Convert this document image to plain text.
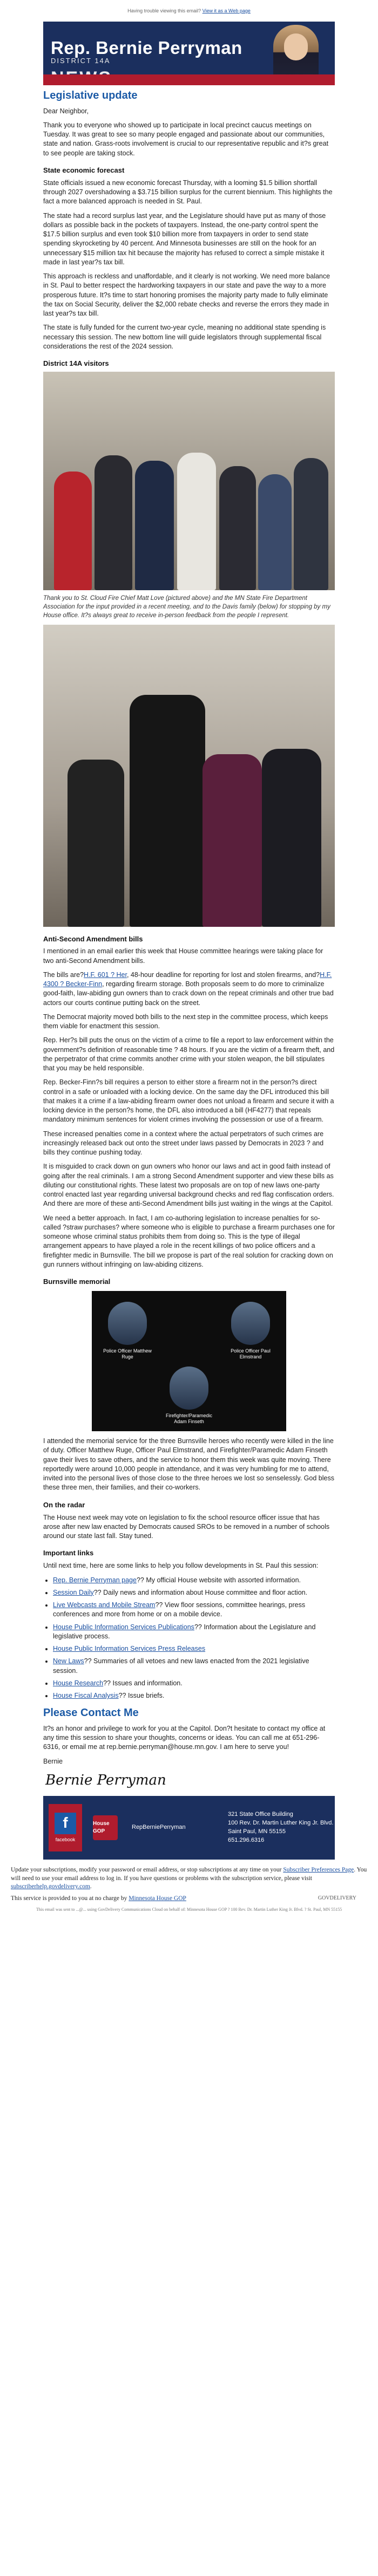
Having trouble viewing this email?
View it as a Web page
Rep. Bernie Perryman
DISTRICT 14A
Legislative update

Dear Neighbor,

Thank you to everyone who showed up to participate in local precinct caucus meetings on Tuesday. It was great to see so many people engaged and passionate about our communities, state and nation. Grass-roots involvement is crucial to our representative republic and it?s great to see people are taking stock.

State economic forecast

State officials issued a new economic forecast Thursday, with a looming $1.5 billion shortfall through 2027 overshadowing a $3.715 billion surplus for the current biennium. This highlights the fact a more balanced approach is needed in St. Paul.

The state had a record surplus last year, and the Legislature should have put as many of those dollars as possible back in the pockets of taxpayers. Instead, the one-party control spent the $17.5 billion surplus and even took $10 billion more from taxpayers in order to send state spending skyrocketing by 40 percent. And Minnesota businesses are still on the hook for an unnecessary $15 million tax hit because the majority has refused to correct a simple mistake it made in last year?s tax bill.

This approach is reckless and unaffordable, and it clearly is not working. We need more balance in St. Paul to better respect the hardworking taxpayers in our state and pave the way to a more prosperous future. It?s time to start honoring promises the majority party made to fully eliminate the tax on Social Security, deliver the $2,000 rebate checks and reverse the errors they made in last year?s tax bill.

The state is fully funded for the current two-year cycle, meaning no additional state spending is necessary this session. The new bottom line will guide legislators through supplemental fiscal considerations the rest of the 2024 session.

District 14A visitors

Thank you to St. Cloud Fire Chief Matt Love (pictured above) and the MN State Fire Department Association for the input provided in a recent meeting, and to the Davis family (below) for stopping by my House office. It?s always great to receive in-person feedback from the people I represent.

Anti-Second Amendment bills

I mentioned in an email earlier this week that House committee hearings were taking place for two anti-Second Amendment bills.

The bills are?H.F. 601 ? Her, 48-hour deadline for reporting for lost and stolen firearms, and?H.F. 4300 ? Becker-Finn, regarding firearm storage. Both proposals seem to do more to criminalize good-faith, law-abiding gun owners than to crack down on the repeat criminals and other true bad actors our courts continue putting back on the street.

The Democrat majority moved both bills to the next step in the committee process, which keeps them viable for enactment this session.

Rep. Her?s bill puts the onus on the victim of a crime to file a report to law enforcement within the government?s definition of reasonable time ? 48 hours. If you are the victim of a firearm theft, and the perpetrator of that crime commits another crime with your stolen weapon, the bill stipulates that you may be held responsible.

Rep. Becker-Finn?s bill requires a person to either store a firearm not in the person?s direct control in a safe or unloaded with a locking device. On the same day the DFL introduced this bill that makes it a crime if a law-abiding firearm owner does not unload a firearm and secure it with a locking device in the person?s home, the DFL also introduced a bill (HF4277) that repeals mandatory minimum sentences for violent crimes involving the possession or use of a firearm.

These increased penalties come in a context where the actual perpetrators of such crimes are increasingly released back out onto the street under laws passed by Democrats in 2023 ? and bills they continue pushing today.

It is misguided to crack down on gun owners who honor our laws and act in good faith instead of going after the real criminals. I am a strong Second Amendment supporter and view these bills as diluting our constitutional rights. These latest two proposals are on top of new laws one-party control enacted last year regarding universal background checks and red flag confiscation orders. And there are more of these anti-Second Amendment bills just waiting in the wings at the Capitol.

We need a better approach. In fact, I am co-authoring legislation to increase penalties for so-called ?straw purchases? where someone who is eligible to purchase a firearm purchases one for someone whose criminal status prohibits them from doing so. This is the type of illegal arrangement appears to have played a role in the recent killings of two police officers and a firefighter medic in Burnsville. The bill we propose is part of the real solution for cracking down on gun runners without infringing on law-abiding citizens.

Burnsville memorial
Police Officer Matthew Ruge
Police Officer Paul Elmstrand
Firefighter/Paramedic Adam Finseth

I attended the memorial service for the three Burnsville heroes who recently were killed in the line of duty. Officer Matthew Ruge, Officer Paul Elmstrand, and Firefighter/Paramedic Adam Finseth gave their lives to save others, and the service to honor them this week was quite moving. There reportedly were around 10,000 people in attendance, and it was very humbling for me to attend, invited into the personal lives of those close to the three heroes we lost so senselessly. God bless these three men, their families, and their co-workers.

On the radar

The House next week may vote on legislation to fix the school resource officer issue that has arose after new law enacted by Democrats caused SROs to be removed in a number of schools around our state last fall. Stay tuned.

Important links

Until next time, here are some links to help you follow developments in St. Paul this session:

• Rep. Bernie Perryman page?? My official House website with assorted information.
• Session Daily?? Daily news and information about House committee and floor action.
• Live Webcasts and Mobile Stream?? View floor sessions, committee hearings, press conferences and more from home or on a mobile device.
• House Public Information Services Publications?? Information about the Legislature and legislative process.
• House Public Information Services Press Releases
• New Laws?? Summaries of all vetoes and new laws enacted from the 2021 legislative session.
• House Research?? Issues and information.
• House Fiscal Analysis?? Issue briefs.
Please Contact Me

It?s an honor and privilege to work for you at the Capitol. Don?t hesitate to contact my office at any time this session to share your thoughts, concerns or ideas. You can call me at 651-296-6316, or email me at rep.bernie.perryman@house.mn.gov. I am here to serve you!

Bernie

Bernie Perryman
f
facebook
House GOP
RepBerniePerryman
321 State Office Building
100 Rev. Dr. Martin Luther King Jr. Blvd.
Saint Paul, MN 55155
651.296.6316

Update your subscriptions, modify your password or email address, or stop subscriptions at any time on your Subscriber Preferences Page. You will need to use your email address to log in. If you have questions or problems with the subscription service, please visit subscriberhelp.govdelivery.com.

This service is provided to you at no charge by Minnesota House GOP	GOVDELIVERY

This email was sent to ...@... using GovDelivery Communications Cloud on behalf of: Minnesota House GOP ? 100 Rev. Dr. Martin Luther King Jr. Blvd. ? St. Paul, MN 55155
